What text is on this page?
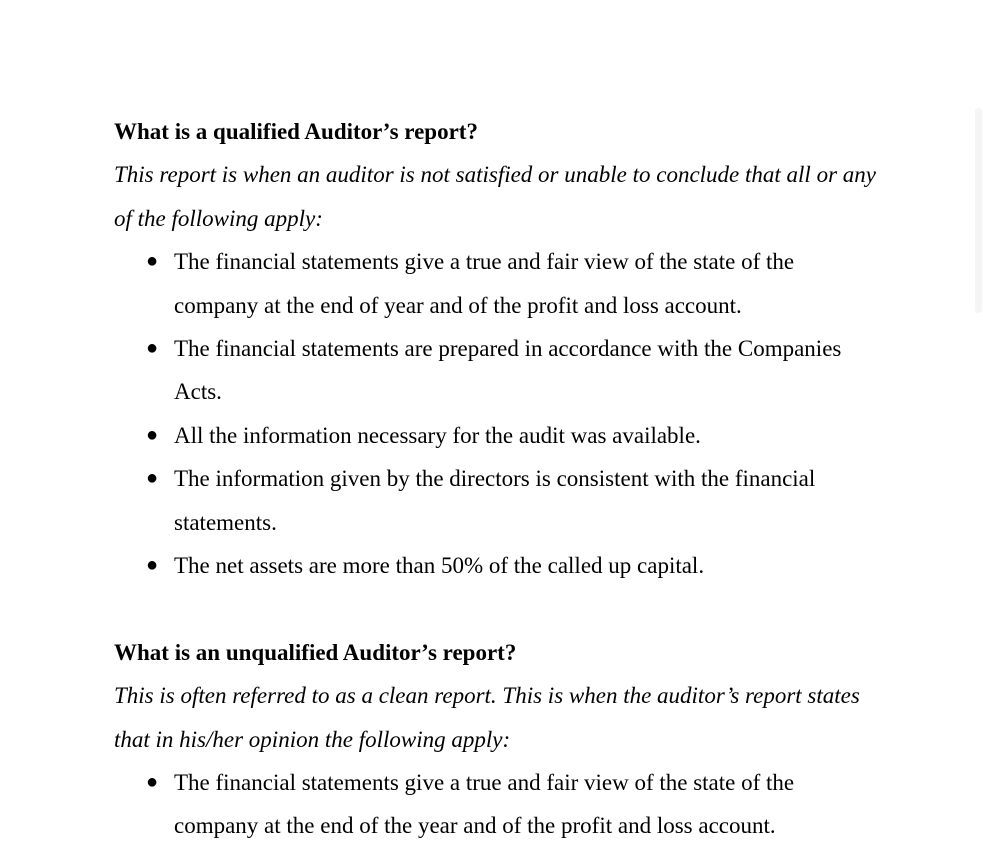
What is a qualified Auditor’s report?

This report is when an auditor is not satisfied or unable to conclude that all or any of the following apply:

● The financial statements give a true and fair view of the state of the company at the end of year and of the profit and loss account.
● The financial statements are prepared in accordance with the Companies Acts.
● All the information necessary for the audit was available.
● The information given by the directors is consistent with the financial statements.
● The net assets are more than 50% of the called up capital.
What is an unqualified Auditor’s report?

This is often referred to as a clean report. This is when the auditor’s report states that in his/her opinion the following apply:

● The financial statements give a true and fair view of the state of the company at the end of the year and of the profit and loss account.
